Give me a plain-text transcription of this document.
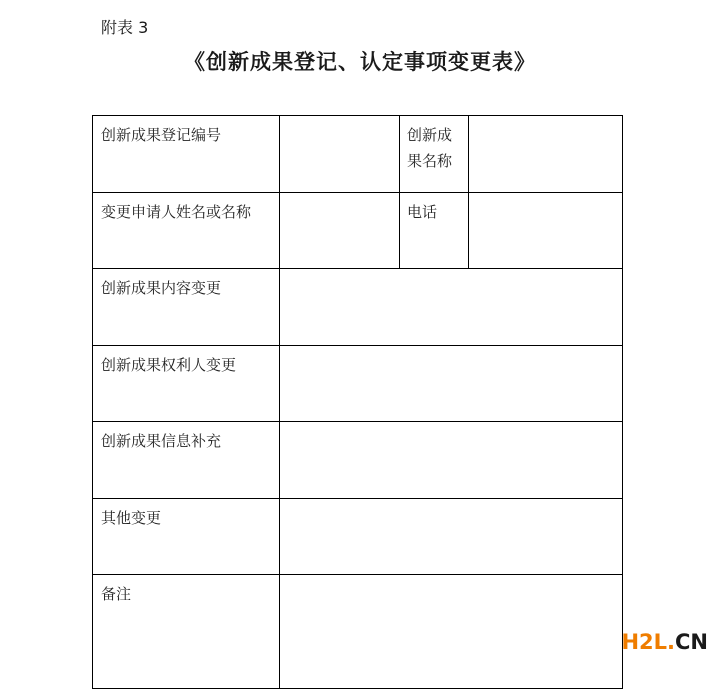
附表 3
《创新成果登记、认定事项变更表》
创新成果登记编号		创新成果名称	
变更申请人姓名或名称		电话	
创新成果内容变更			
创新成果权利人变更			
创新成果信息补充			
其他变更			
备注			
H2L.CN
